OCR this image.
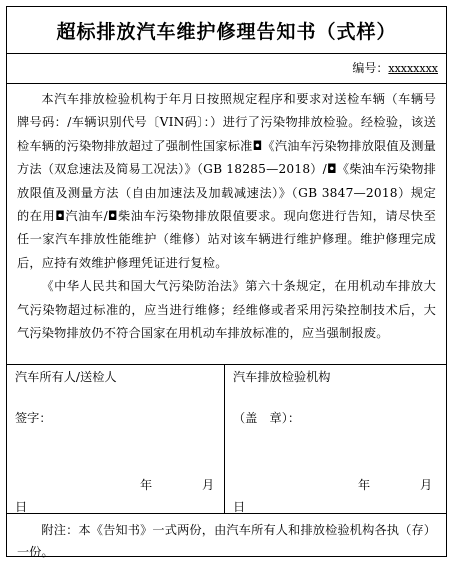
超标排放汽车维护修理告知书（式样）
编号：xxxxxxxx

本汽车排放检验机构于年月日按照规定程序和要求对送检车辆（车辆号牌号码：/车辆识别代号〔VIN码〕：）进行了污染物排放检验。经检验，该送检车辆的污染物排放超过了强制性国家标准◘《汽油车污染物排放限值及测量方法（双怠速法及简易工况法）》（GB 18285—2018）/◘《柴油车污染物排放限值及测量方法（自由加速法及加载减速法）》（GB 3847—2018）规定的在用◘汽油车/◘柴油车污染物排放限值要求。现向您进行告知，请尽快至任一家汽车排放性能维护（维修）站对该车辆进行维护修理。维护修理完成后，应持有效维护修理凭证进行复检。

《中华人民共和国大气污染防治法》第六十条规定，在用机动车排放大气污染物超过标准的，应当进行维修；经维修或者采用污染控制技术后，大气污染物排放仍不符合国家在用机动车排放标准的，应当强制报废。

汽车所有人/送检人
签字：
年	月
日
汽车排放检验机构
（盖　章）：
年	月
日

附注：本《告知书》一式两份，由汽车所有人和排放检验机构各执（存）一份。
